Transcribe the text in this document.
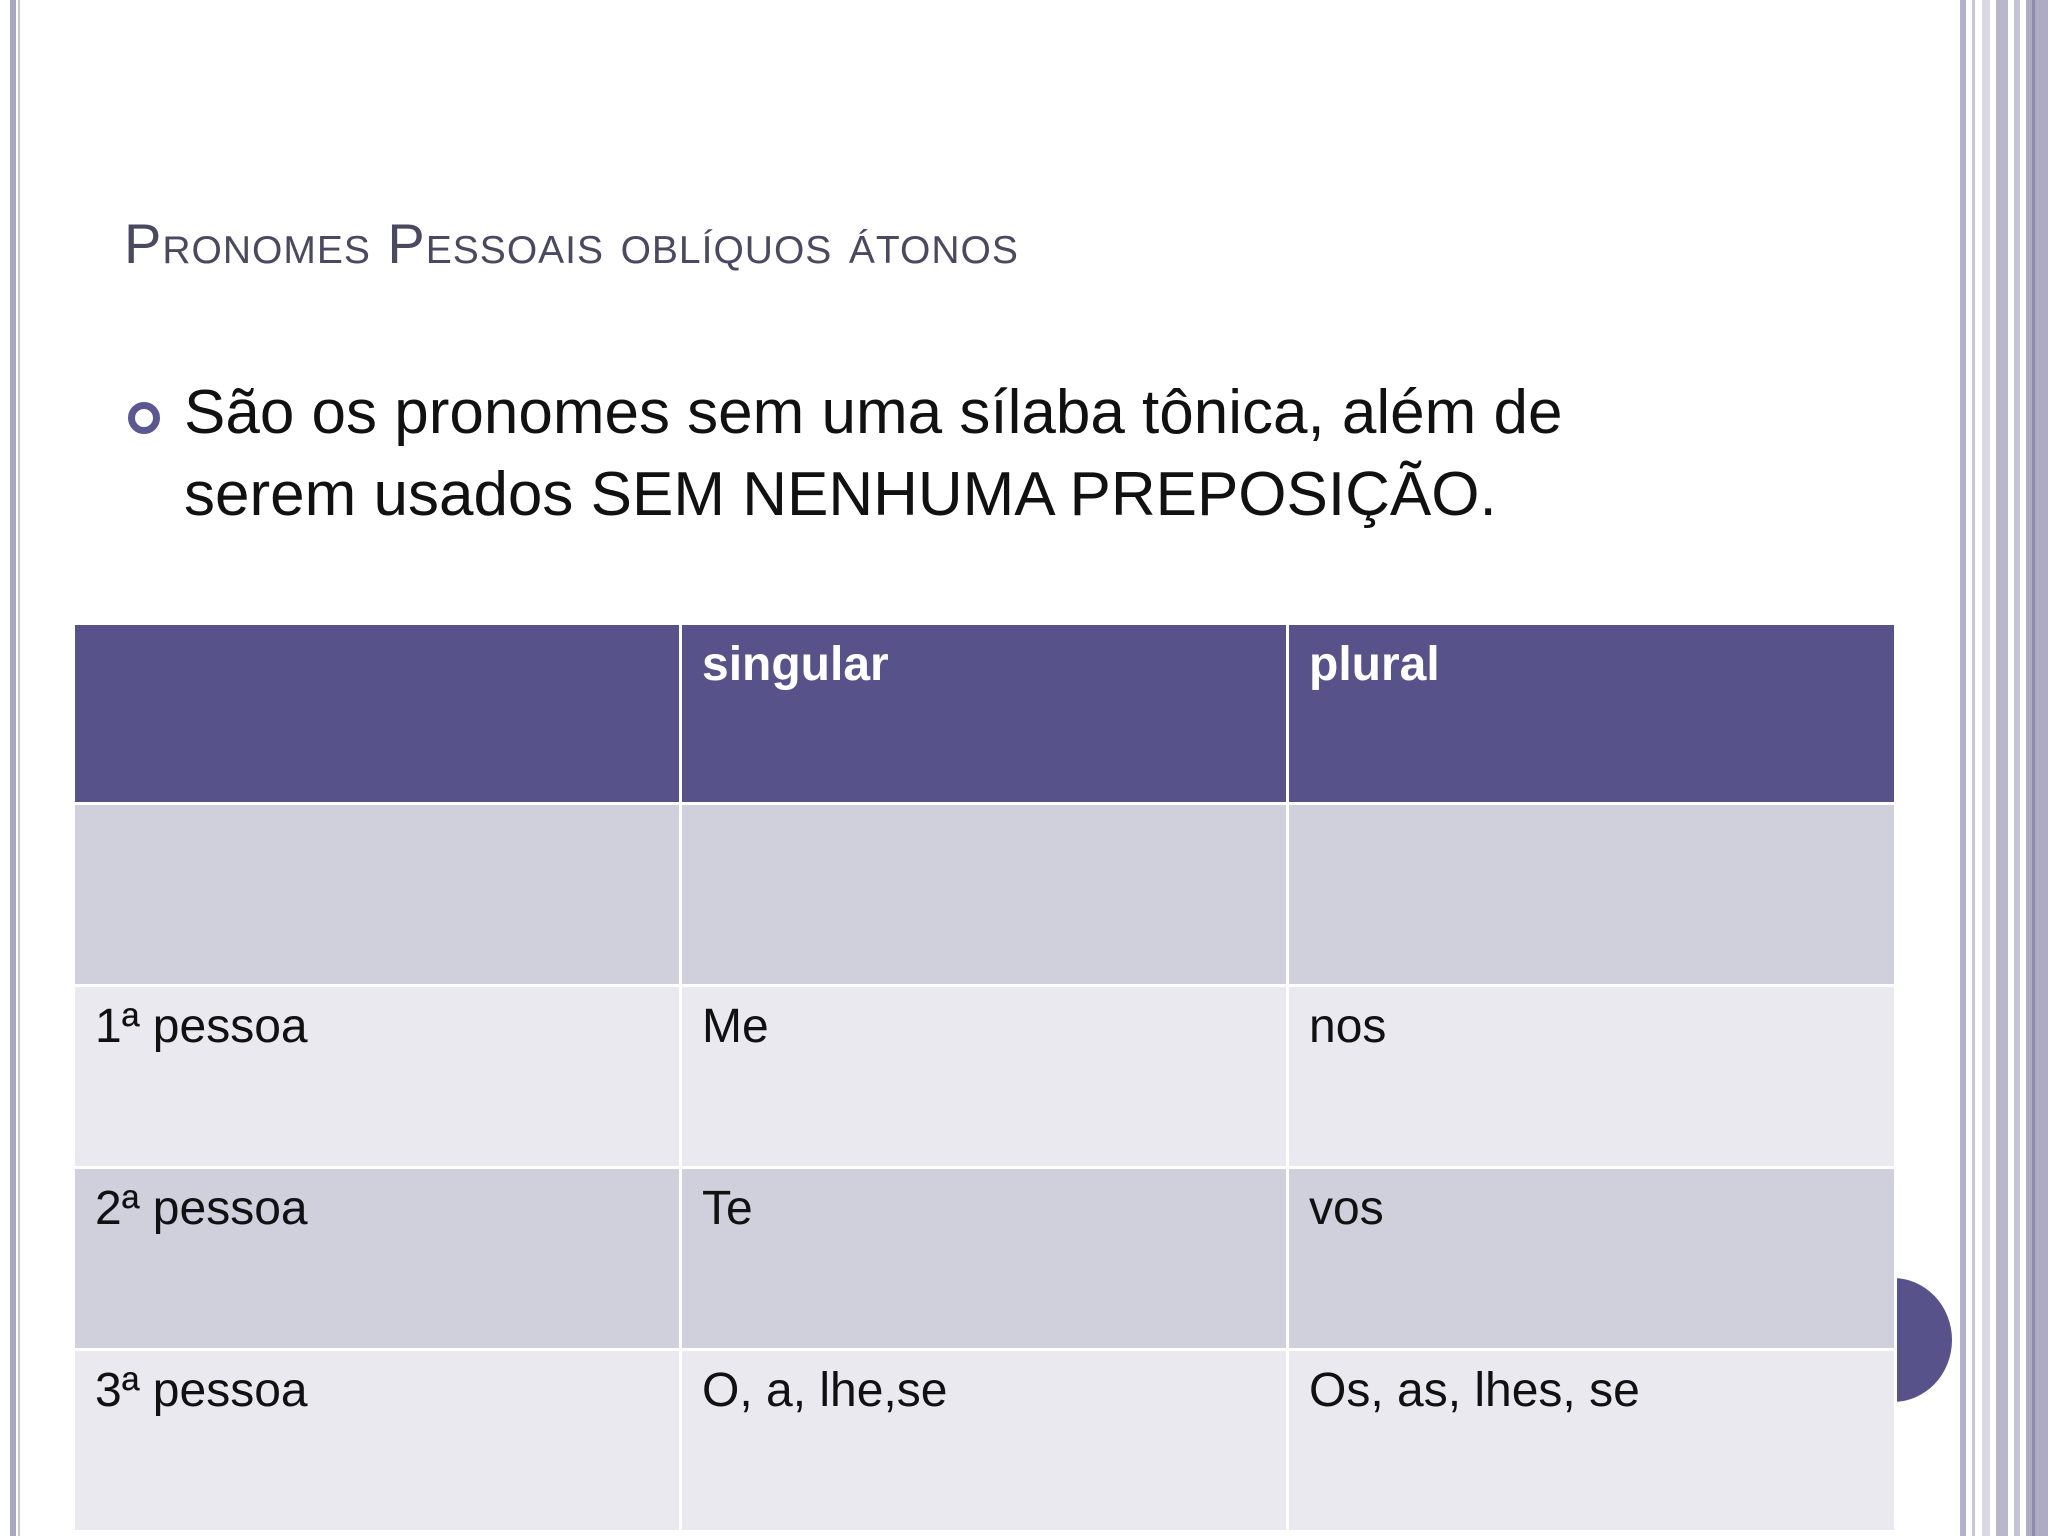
Pronomes Pessoais oblíquos átonos

São os pronomes sem uma sílaba tônica, além de serem usados SEM NENHUMA PREPOSIÇÃO.

	singular	plural

1ª pessoa	Me	nos
2ª pessoa	Te	vos
3ª pessoa	O, a, lhe,se	Os, as, lhes, se
